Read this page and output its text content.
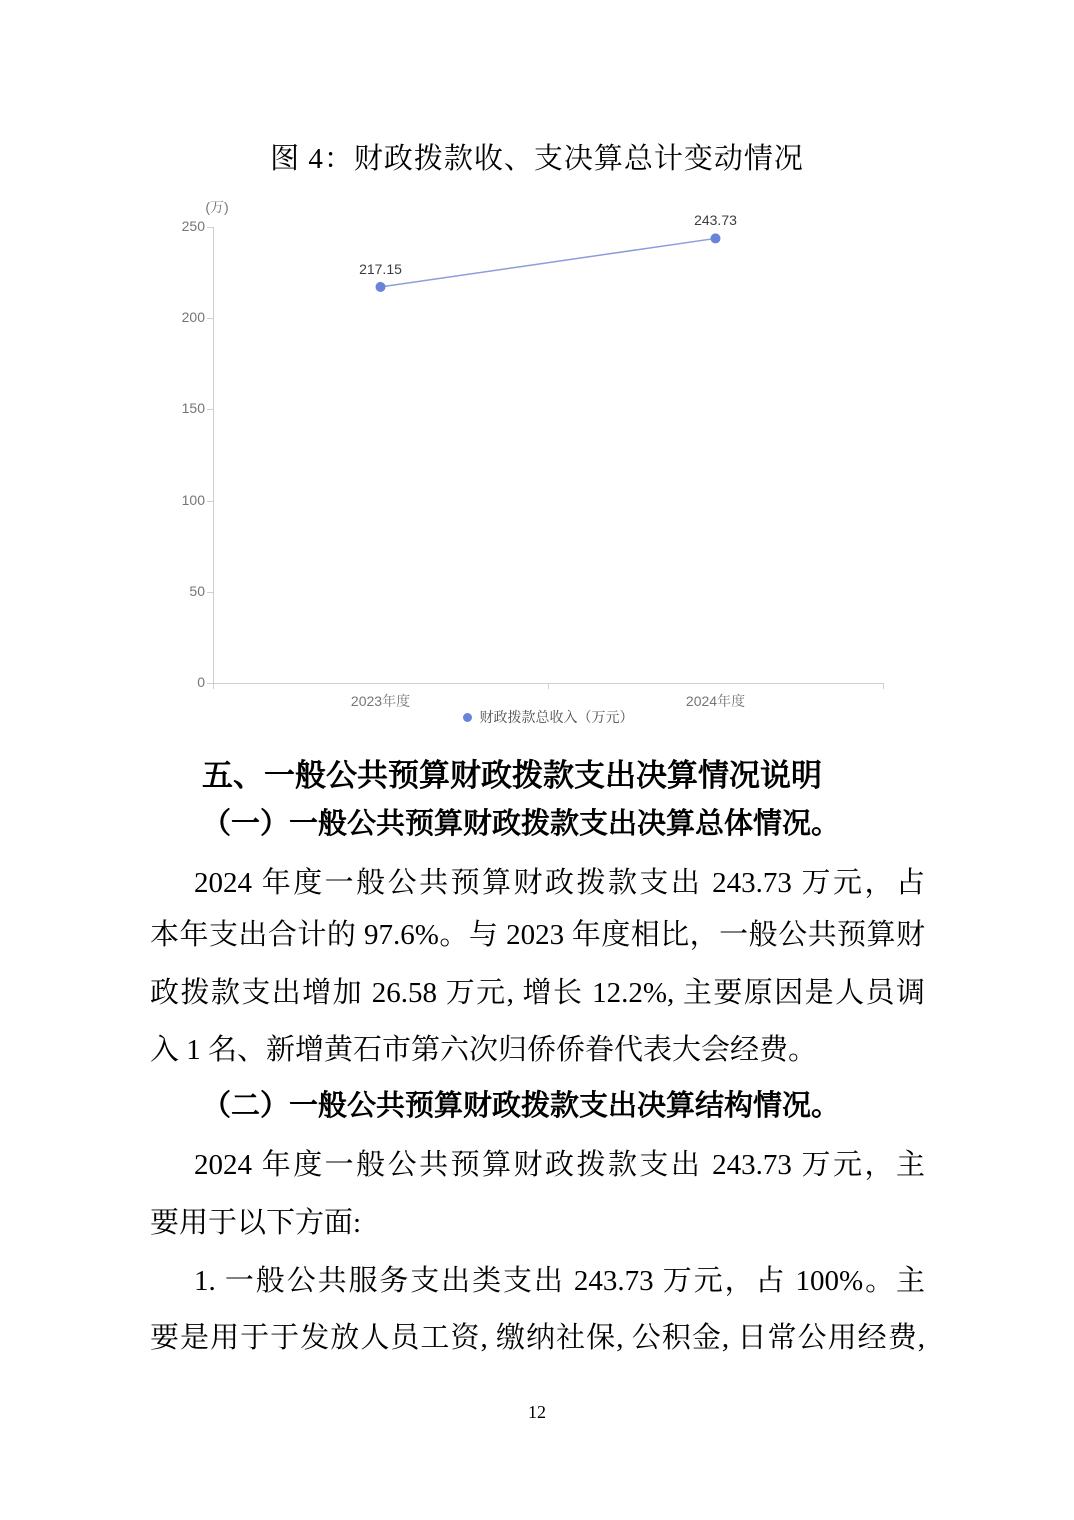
图 4：财政拨款收、支决算总计变动情况
(万)
0
50
100
150
200
250
2023年度	2024年度
217.15
243.73
财政拨款总收入（万元）
五、一般公共预算财政拨款支出决算情况说明
（一）一般公共预算财政拨款支出决算总体情况。
2024 年度一般公共预算财政拨款支出 243.73 万元，占
本年支出合计的 97.6%。与 2023 年度相比，一般公共预算财
政拨款支出增加 26.58 万元, 增长 12.2%, 主要原因是人员调
入 1 名、新增黄石市第六次归侨侨眷代表大会经费。
（二）一般公共预算财政拨款支出决算结构情况。
2024 年度一般公共预算财政拨款支出 243.73 万元，主
要用于以下方面:
1. 一般公共服务支出类支出 243.73 万元，占 100%。主
要是用于于发放人员工资, 缴纳社保, 公积金, 日常公用经费,
12
